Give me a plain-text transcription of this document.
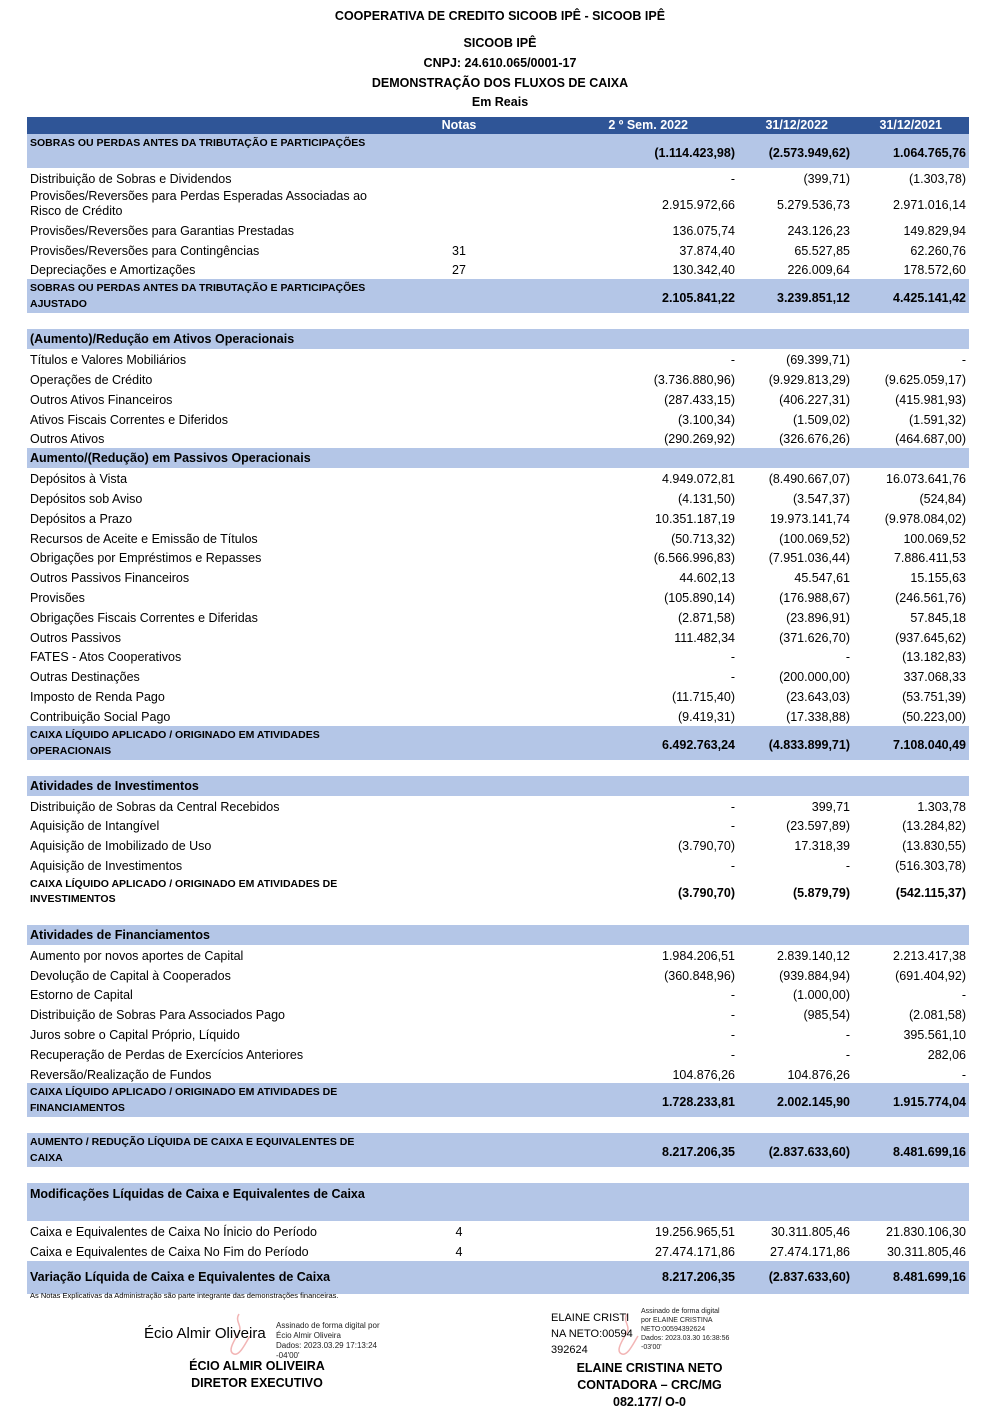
COOPERATIVA DE CREDITO SICOOB IPÊ - SICOOB IPÊ
SICOOB IPÊ
CNPJ: 24.610.065/0001-17
DEMONSTRAÇÃO DOS FLUXOS DE CAIXA
Em Reais
Notas	2 º Sem. 2022	31/12/2022	31/12/2021
SOBRAS OU PERDAS ANTES DA TRIBUTAÇÃO E PARTICIPAÇÕES
(1.114.423,98)	(2.573.949,62)	1.064.765,76
Distribuição de Sobras e Dividendos	-	(399,71)	(1.303,78)
Provisões/Reversões para Perdas Esperadas Associadas ao Risco de Crédito	2.915.972,66	5.279.536,73	2.971.016,14
Provisões/Reversões para Garantias Prestadas	136.075,74	243.126,23	149.829,94
Provisões/Reversões para Contingências	31	37.874,40	65.527,85	62.260,76
Depreciações e Amortizações	27	130.342,40	226.009,64	178.572,60
SOBRAS OU PERDAS ANTES DA TRIBUTAÇÃO E PARTICIPAÇÕES AJUSTADO	2.105.841,22	3.239.851,12	4.425.141,42
(Aumento)/Redução em Ativos Operacionais
Títulos e Valores Mobiliários	-	(69.399,71)	-
Operações de Crédito	(3.736.880,96)	(9.929.813,29)	(9.625.059,17)
Outros Ativos Financeiros	(287.433,15)	(406.227,31)	(415.981,93)
Ativos Fiscais Correntes e Diferidos	(3.100,34)	(1.509,02)	(1.591,32)
Outros Ativos	(290.269,92)	(326.676,26)	(464.687,00)
Aumento/(Redução) em Passivos Operacionais
Depósitos à Vista	4.949.072,81	(8.490.667,07)	16.073.641,76
Depósitos sob Aviso	(4.131,50)	(3.547,37)	(524,84)
Depósitos a Prazo	10.351.187,19	19.973.141,74	(9.978.084,02)
Recursos de Aceite e Emissão de Títulos	(50.713,32)	(100.069,52)	100.069,52
Obrigações por Empréstimos e Repasses	(6.566.996,83)	(7.951.036,44)	7.886.411,53
Outros Passivos Financeiros	44.602,13	45.547,61	15.155,63
Provisões	(105.890,14)	(176.988,67)	(246.561,76)
Obrigações Fiscais Correntes e Diferidas	(2.871,58)	(23.896,91)	57.845,18
Outros Passivos	111.482,34	(371.626,70)	(937.645,62)
FATES - Atos Cooperativos	-	-	(13.182,83)
Outras Destinações	-	(200.000,00)	337.068,33
Imposto de Renda Pago	(11.715,40)	(23.643,03)	(53.751,39)
Contribuição Social Pago	(9.419,31)	(17.338,88)	(50.223,00)
CAIXA LÍQUIDO APLICADO / ORIGINADO EM ATIVIDADES OPERACIONAIS	6.492.763,24	(4.833.899,71)	7.108.040,49
Atividades de Investimentos
Distribuição de Sobras da Central Recebidos	-	399,71	1.303,78
Aquisição de Intangível	-	(23.597,89)	(13.284,82)
Aquisição de Imobilizado de Uso	(3.790,70)	17.318,39	(13.830,55)
Aquisição de Investimentos	-	-	(516.303,78)
CAIXA LÍQUIDO APLICADO / ORIGINADO EM ATIVIDADES DE INVESTIMENTOS	(3.790,70)	(5.879,79)	(542.115,37)
Atividades de Financiamentos
Aumento por novos aportes de Capital	1.984.206,51	2.839.140,12	2.213.417,38
Devolução de Capital à Cooperados	(360.848,96)	(939.884,94)	(691.404,92)
Estorno de Capital	-	(1.000,00)	-
Distribuição de Sobras Para Associados Pago	-	(985,54)	(2.081,58)
Juros sobre o Capital Próprio, Líquido	-	-	395.561,10
Recuperação de Perdas de Exercícios Anteriores	-	-	282,06
Reversão/Realização de Fundos	104.876,26	104.876,26	-
CAIXA LÍQUIDO APLICADO / ORIGINADO EM ATIVIDADES DE FINANCIAMENTOS	1.728.233,81	2.002.145,90	1.915.774,04
AUMENTO / REDUÇÃO LÍQUIDA DE CAIXA E EQUIVALENTES DE CAIXA	8.217.206,35	(2.837.633,60)	8.481.699,16
Modificações Líquidas de Caixa e Equivalentes de Caixa
Caixa e Equivalentes de Caixa No Ínicio do Período	4	19.256.965,51	30.311.805,46	21.830.106,30
Caixa e Equivalentes de Caixa No Fim do Período	4	27.474.171,86	27.474.171,86	30.311.805,46
Variação Líquida de Caixa e Equivalentes de Caixa	8.217.206,35	(2.837.633,60)	8.481.699,16
As Notas Explicativas da Administração são parte integrante das demonstrações financeiras.
Écio Almir Oliveira Assinado de forma digital por Écio Almir Oliveira
Dados: 2023.03.29 17:13:24 -04'00'
ÉCIO ALMIR OLIVEIRA
DIRETOR EXECUTIVO
ELAINE CRISTINA NETO:00594392624
Assinado de forma digital por ELAINE CRISTINA NETO:00594392624
Dados: 2023.03.30 16:38:56 -03'00'
ELAINE CRISTINA NETO
CONTADORA – CRC/MG
082.177/ O-0
